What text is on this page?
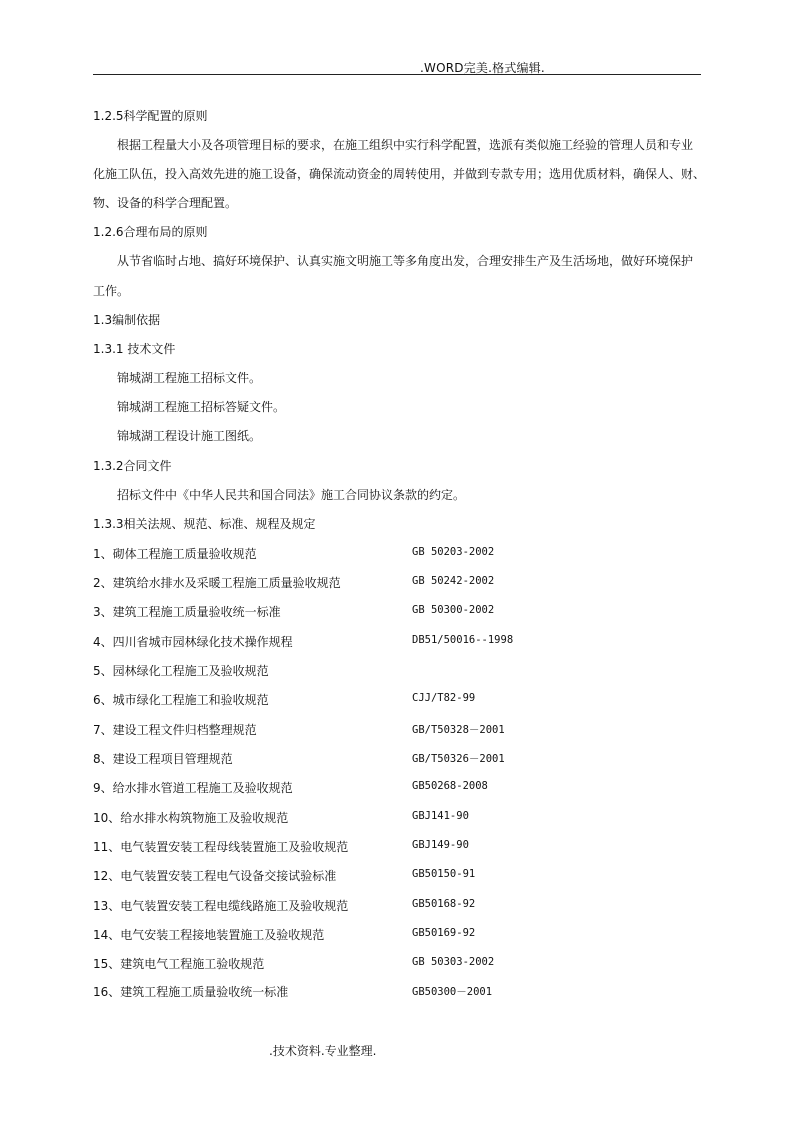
.WORD完美.格式编辑.
1.2.5科学配置的原则
根据工程量大小及各项管理目标的要求，在施工组织中实行科学配置，选派有类似施工经验的管理人员和专业
化施工队伍，投入高效先进的施工设备，确保流动资金的周转使用，并做到专款专用；选用优质材料，确保人、财、
物、设备的科学合理配置。
1.2.6合理布局的原则
从节省临时占地、搞好环境保护、认真实施文明施工等多角度出发，合理安排生产及生活场地，做好环境保护
工作。
1.3编制依据
1.3.1 技术文件
锦城湖工程施工招标文件。
锦城湖工程施工招标答疑文件。
锦城湖工程设计施工图纸。
1.3.2合同文件
招标文件中《中华人民共和国合同法》施工合同协议条款的约定。
1.3.3相关法规、规范、标准、规程及规定
1、砌体工程施工质量验收规范	GB 50203-2002
2、建筑给水排水及采暖工程施工质量验收规范	GB 50242-2002
3、建筑工程施工质量验收统一标准	GB 50300-2002
4、四川省城市园林绿化技术操作规程	DB51/50016--1998
5、园林绿化工程施工及验收规范
6、城市绿化工程施工和验收规范	CJJ/T82-99
7、建设工程文件归档整理规范	GB/T50328－2001
8、建设工程项目管理规范	GB/T50326－2001
9、给水排水管道工程施工及验收规范	GB50268-2008
10、给水排水构筑物施工及验收规范	GBJ141-90
11、电气装置安装工程母线装置施工及验收规范	GBJ149-90
12、电气装置安装工程电气设备交接试验标准	GB50150-91
13、电气装置安装工程电缆线路施工及验收规范	GB50168-92
14、电气安装工程接地装置施工及验收规范	GB50169-92
15、建筑电气工程施工验收规范	GB 50303-2002
16、建筑工程施工质量验收统一标准	GB50300－2001
.技术资料.专业整理.
